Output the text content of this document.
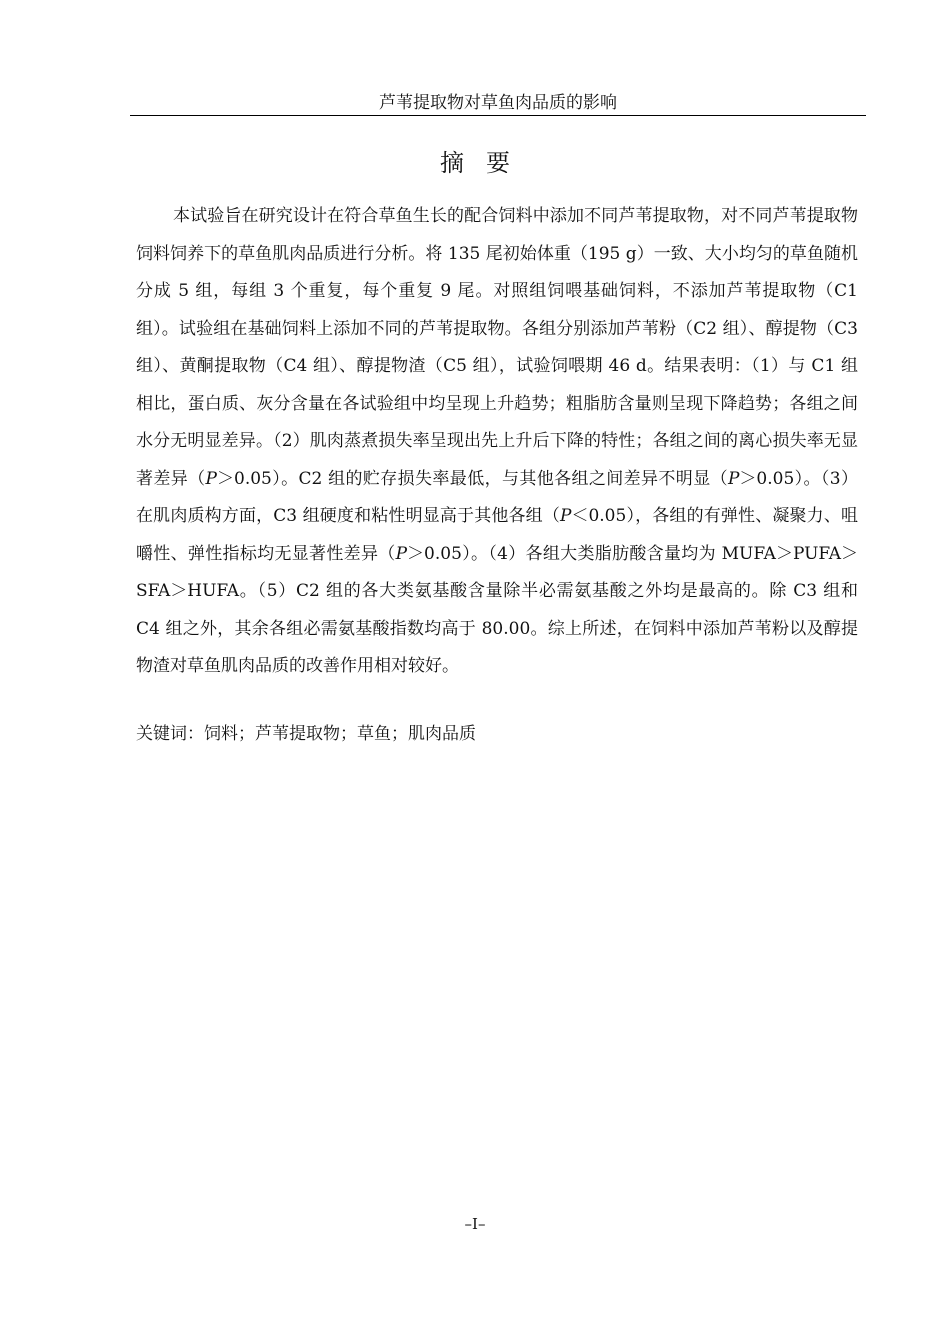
芦苇提取物对草鱼肉品质的影响
摘要

本试验旨在研究设计在符合草鱼生长的配合饲料中添加不同芦苇提取物，对不同芦苇提取物饲料饲养下的草鱼肌肉品质进行分析。将 135 尾初始体重（195 g）一致、大小均匀的草鱼随机分成 5 组，每组 3 个重复，每个重复 9 尾。对照组饲喂基础饲料，不添加芦苇提取物（C1 组）。试验组在基础饲料上添加不同的芦苇提取物。各组分别添加芦苇粉（C2 组）、醇提物（C3 组）、黄酮提取物（C4 组）、醇提物渣（C5 组），试验饲喂期 46 d。结果表明：（1）与 C1 组相比，蛋白质、灰分含量在各试验组中均呈现上升趋势；粗脂肪含量则呈现下降趋势；各组之间水分无明显差异。（2）肌肉蒸煮损失率呈现出先上升后下降的特性；各组之间的离心损失率无显著差异（P＞0.05）。C2 组的贮存损失率最低，与其他各组之间差异不明显（P＞0.05）。（3）在肌肉质构方面，C3 组硬度和粘性明显高于其他各组（P＜0.05），各组的有弹性、凝聚力、咀嚼性、弹性指标均无显著性差异（P＞0.05）。（4）各组大类脂肪酸含量均为 MUFA＞PUFA＞SFA＞HUFA。（5）C2 组的各大类氨基酸含量除半必需氨基酸之外均是最高的。除 C3 组和 C4 组之外，其余各组必需氨基酸指数均高于 80.00。综上所述，在饲料中添加芦苇粉以及醇提物渣对草鱼肌肉品质的改善作用相对较好。

关键词：饲料；芦苇提取物；草鱼；肌肉品质

–I–
